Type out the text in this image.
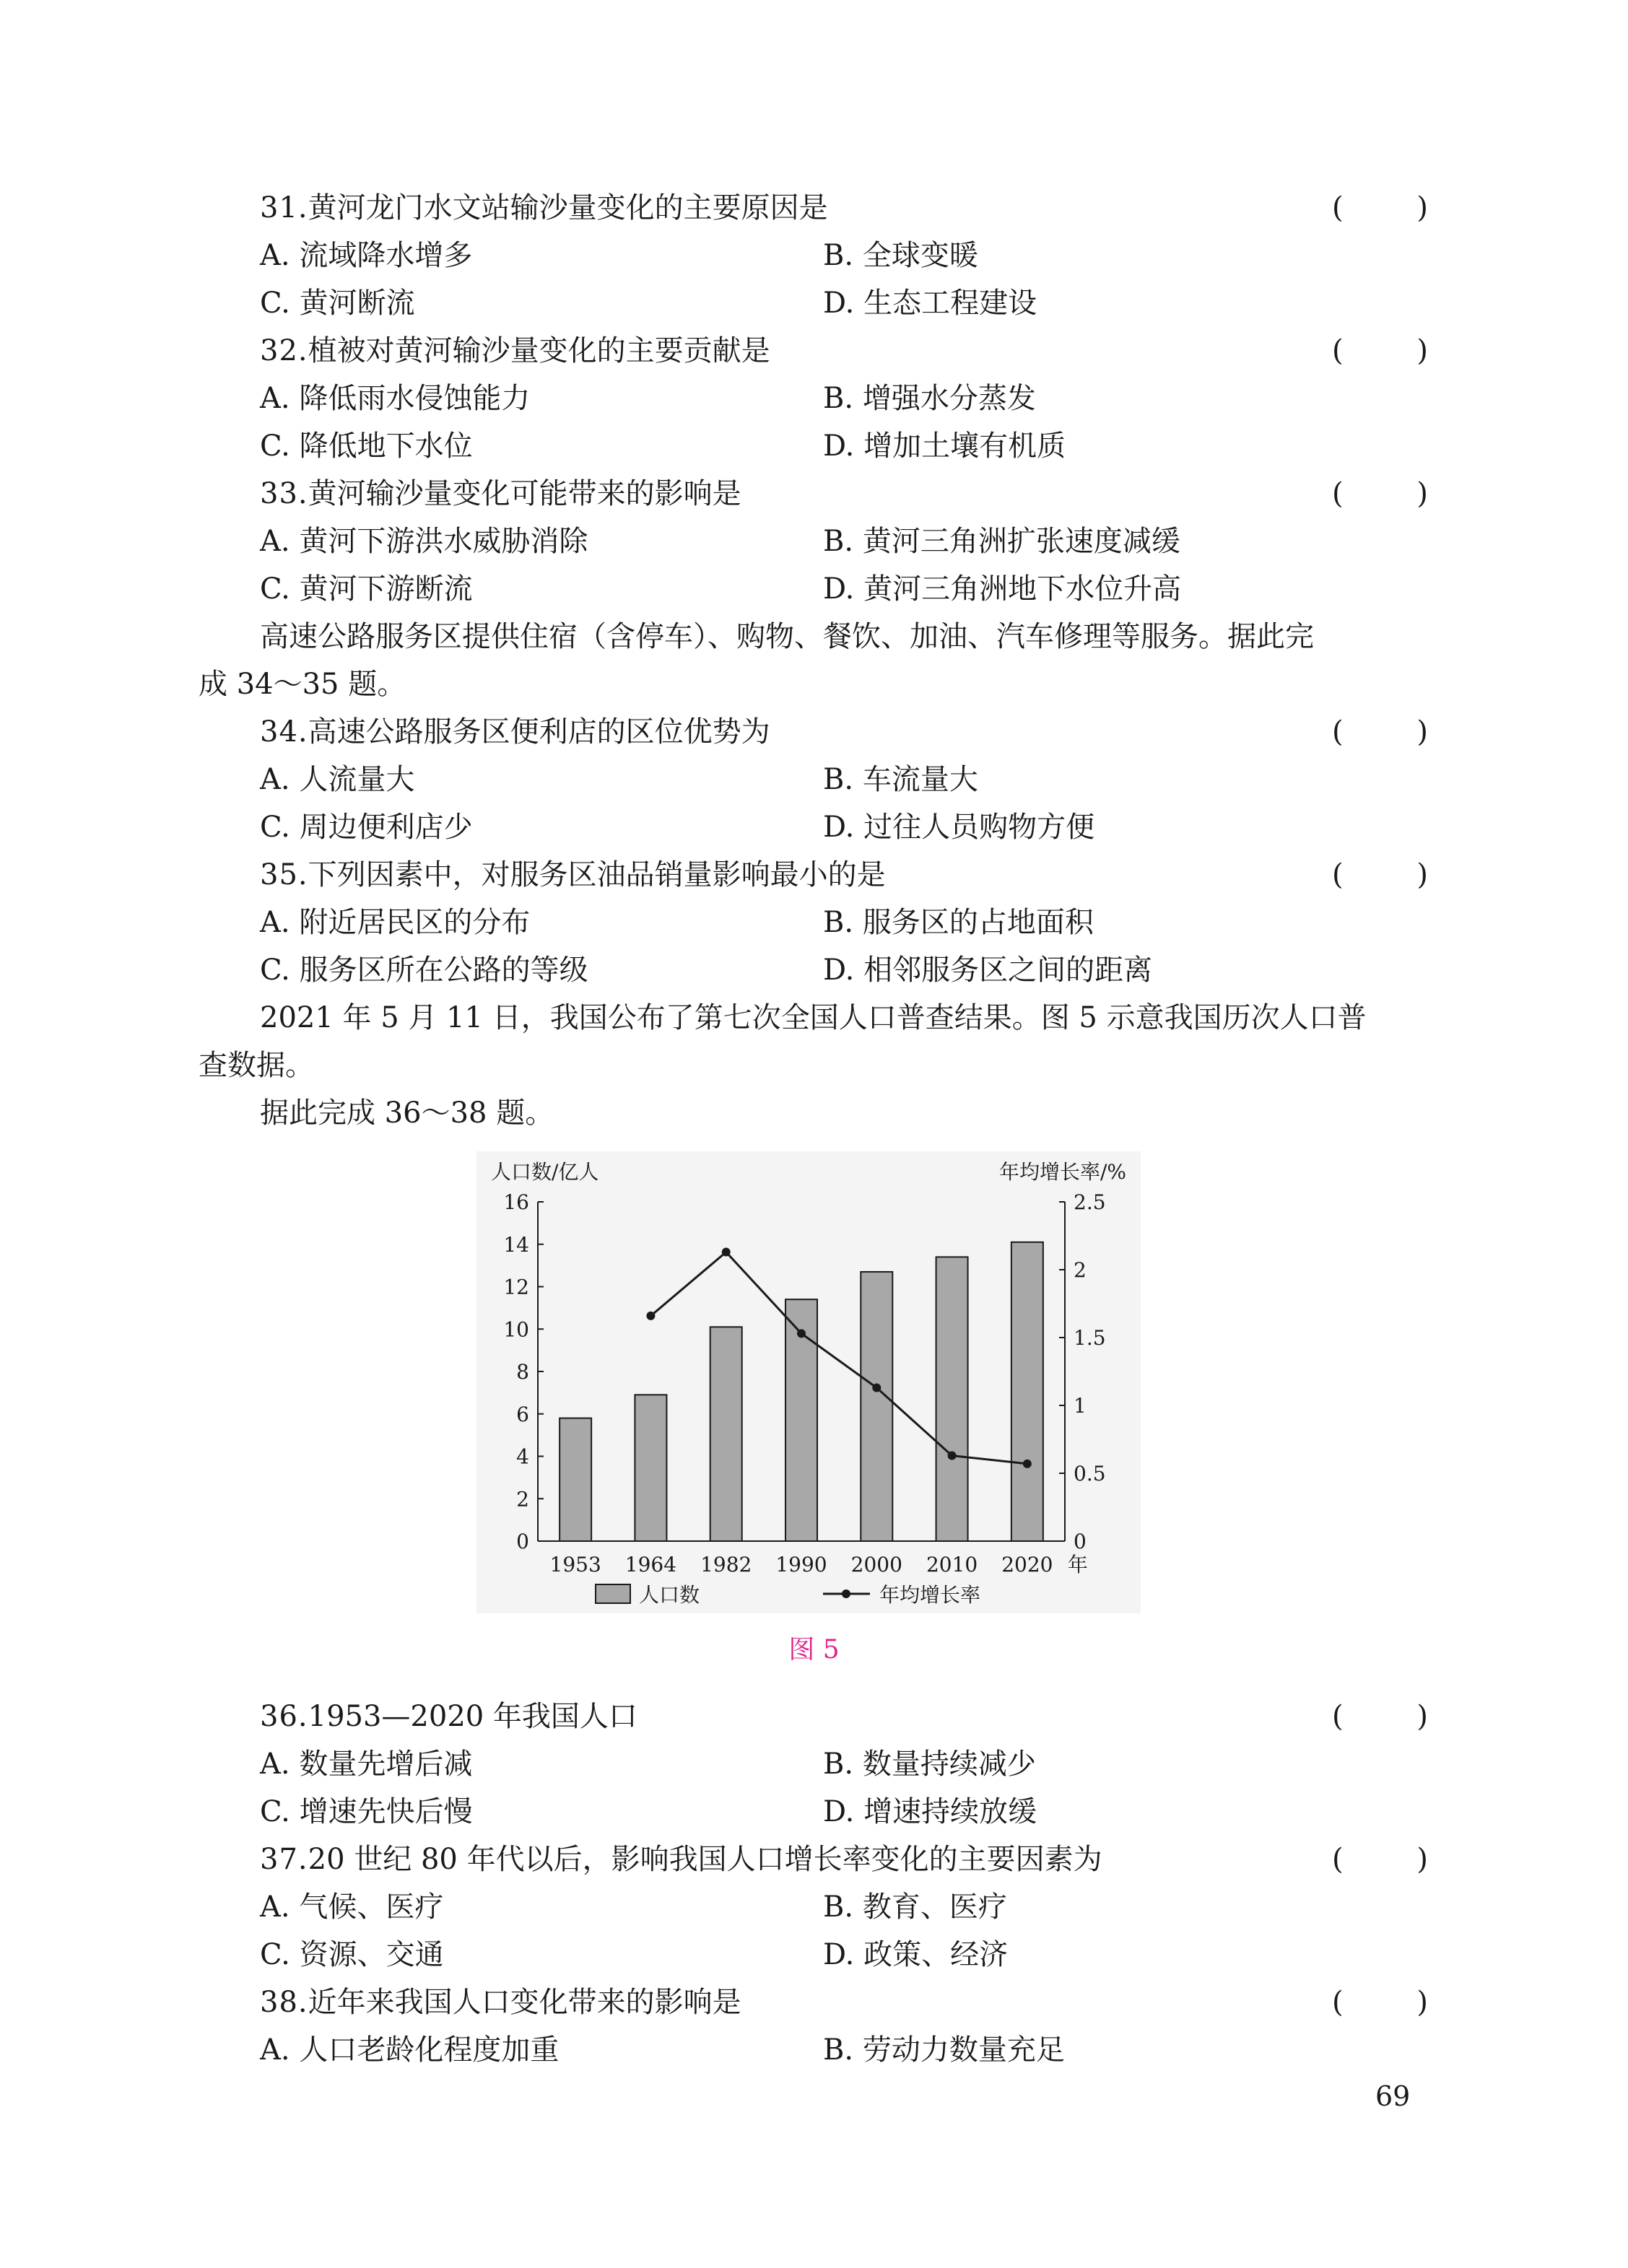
31.黄河龙门水文站输沙量变化的主要原因是	(        )
A. 流域降水增多	B. 全球变暖
C. 黄河断流	D. 生态工程建设
32.植被对黄河输沙量变化的主要贡献是	(        )
A. 降低雨水侵蚀能力	B. 增强水分蒸发
C. 降低地下水位	D. 增加土壤有机质
33.黄河输沙量变化可能带来的影响是	(        )
A. 黄河下游洪水威胁消除	B. 黄河三角洲扩张速度减缓
C. 黄河下游断流	D. 黄河三角洲地下水位升高
高速公路服务区提供住宿（含停车）、购物、餐饮、加油、汽车修理等服务。据此完
成 34～35 题。
34.高速公路服务区便利店的区位优势为	(        )
A. 人流量大	B. 车流量大
C. 周边便利店少	D. 过往人员购物方便
35.下列因素中，对服务区油品销量影响最小的是	(        )
A. 附近居民区的分布	B. 服务区的占地面积
C. 服务区所在公路的等级	D. 相邻服务区之间的距离
2021 年 5 月 11 日，我国公布了第七次全国人口普查结果。图 5 示意我国历次人口普
查数据。
据此完成 36～38 题。
0
2
4
6
8
10
12
14
16
0
0.5
1
1.5
2
2.5
人口数/亿人	年均增长率/%
1953 1964 1982 1990 2000 2010 2020 年
人口数	年均增长率
图 5
36.1953—2020 年我国人口	(        )
A. 数量先增后减	B. 数量持续减少
C. 增速先快后慢	D. 增速持续放缓
37.20 世纪 80 年代以后，影响我国人口增长率变化的主要因素为	(        )
A. 气候、医疗	B. 教育、医疗
C. 资源、交通	D. 政策、经济
38.近年来我国人口变化带来的影响是	(        )
A. 人口老龄化程度加重	B. 劳动力数量充足
69
